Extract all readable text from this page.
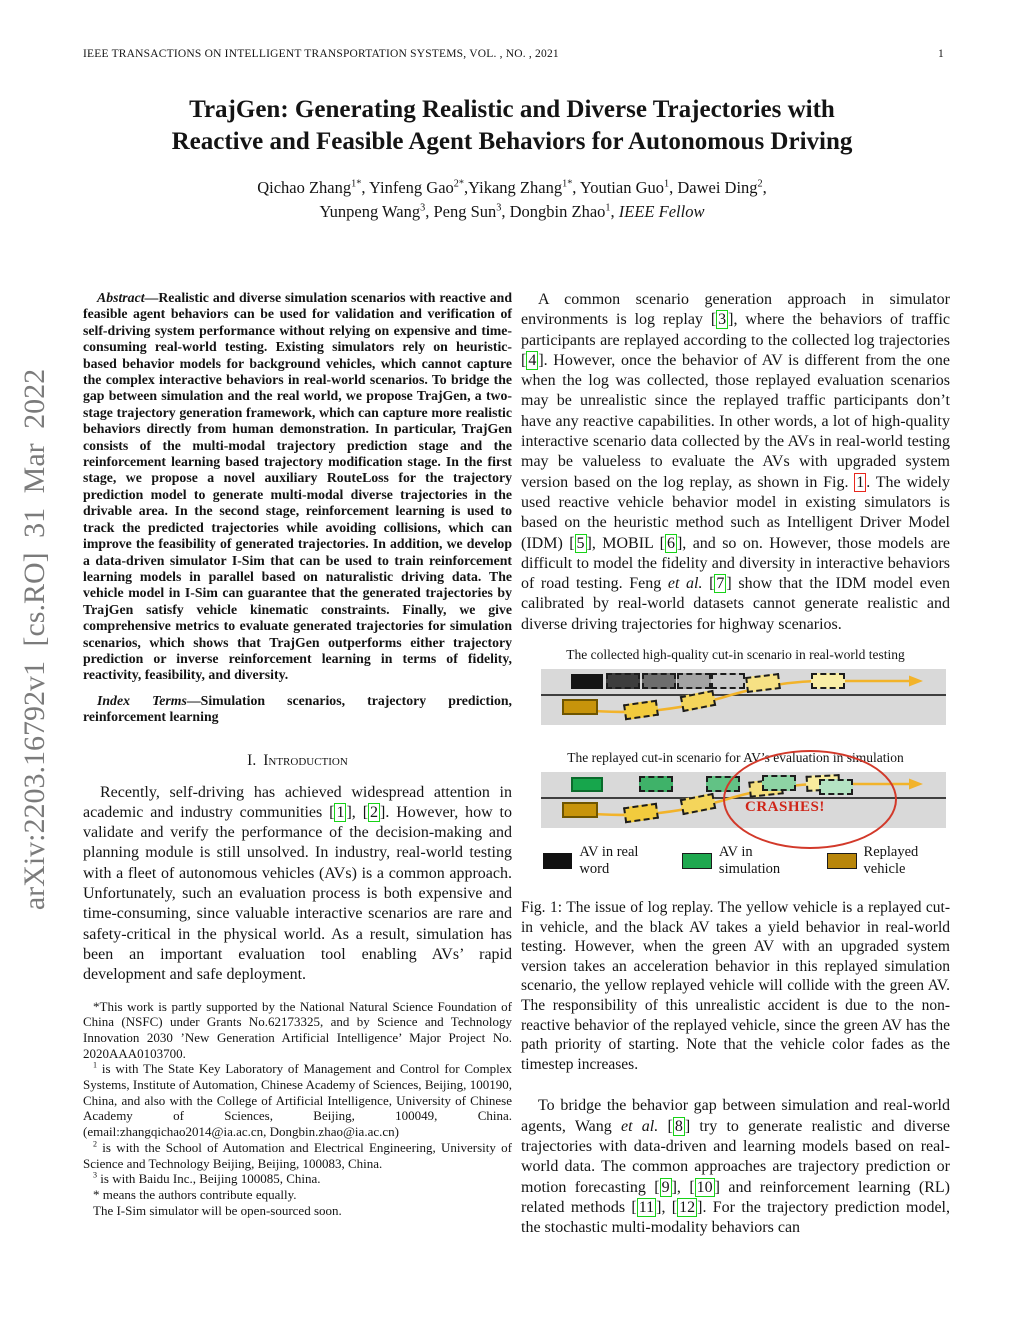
arXiv:2203.16792v1 [cs.RO] 31 Mar 2022
IEEE TRANSACTIONS ON INTELLIGENT TRANSPORTATION SYSTEMS, VOL. , NO. , 2021	1
TrajGen: Generating Realistic and Diverse Trajectories with
Reactive and Feasible Agent Behaviors for Autonomous Driving
Qichao Zhang$^{1*}$, Yinfeng Gao$^{2*}$,Yikang Zhang$^{1*}$, Youtian Guo$^1$, Dawei Ding$^2$,
Yunpeng Wang$^3$, Peng Sun$^3$, Dongbin Zhao$^1$, IEEE Fellow

Abstract—Realistic and diverse simulation scenarios with reactive and feasible agent behaviors can be used for validation and verification of self-driving system performance without relying on expensive and time-consuming real-world testing. Existing simulators rely on heuristic-based behavior models for background vehicles, which cannot capture the complex interactive behaviors in real-world scenarios. To bridge the gap between simulation and the real world, we propose TrajGen, a two-stage trajectory generation framework, which can capture more realistic behaviors directly from human demonstration. In particular, TrajGen consists of the multi-modal trajectory prediction stage and the reinforcement learning based trajectory modification stage. In the first stage, we propose a novel auxiliary RouteLoss for the trajectory prediction model to generate multi-modal diverse trajectories in the drivable area. In the second stage, reinforcement learning is used to track the predicted trajectories while avoiding collisions, which can improve the feasibility of generated trajectories. In addition, we develop a data-driven simulator I-Sim that can be used to train reinforcement learning models in parallel based on naturalistic driving data. The vehicle model in I-Sim can guarantee that the generated trajectories by TrajGen satisfy vehicle kinematic constraints. Finally, we give comprehensive metrics to evaluate generated trajectories for simulation scenarios, which shows that TrajGen outperforms either trajectory prediction or inverse reinforcement learning in terms of fidelity, reactivity, feasibility, and diversity.

Index Terms—Simulation scenarios, trajectory prediction, reinforcement learning

I. Introduction

Recently, self-driving has achieved widespread attention in academic and industry communities [ 1 ], [ 2 ]. However, how to validate and verify the performance of the decision-making and planning module is still unsolved. In industry, real-world testing with a fleet of autonomous vehicles (AVs) is a common approach. Unfortunately, such an evaluation process is both expensive and time-consuming, since valuable interactive scenarios are rare and safety-critical in the physical world. As a result, simulation has been an important evaluation tool enabling AVs’ rapid development and safe deployment.

*This work is partly supported by the National Natural Science Foundation of China (NSFC) under Grants No.62173325, and by Science and Technology Innovation 2030 ’New Generation Artificial Intelligence’ Major Project No. 2020AAA0103700.

$^1$ is with The State Key Laboratory of Management and Control for Complex Systems, Institute of Automation, Chinese Academy of Sciences, Beijing, 100190, China, and also with the College of Artificial Intelligence, University of Chinese Academy of Sciences, Beijing, 100049, China. (email:zhangqichao2014@ia.ac.cn, Dongbin.zhao@ia.ac.cn)

$^2$ is with the School of Automation and Electrical Engineering, University of Science and Technology Beijing, Beijing, 100083, China.

$^3$ is with Baidu Inc., Beijing 100085, China.

* means the authors contribute equally.

The I-Sim simulator will be open-sourced soon.

A common scenario generation approach in simulator environments is log replay [ 3 ], where the behaviors of traffic participants are replayed according to the collected log trajectories [ 4 ]. However, once the behavior of AV is different from the one when the log was collected, those replayed evaluation scenarios may be unrealistic since the replayed traffic participants don’t have any reactive capabilities. In other words, a lot of high-quality interactive scenario data collected by the AVs in real-world testing may be valueless to evaluate the AVs with upgraded system version based on the log replay, as shown in Fig. 1 . The widely used reactive vehicle behavior model in existing simulators is based on the heuristic method such as Intelligent Driver Model (IDM) [ 5 ], MOBIL [ 6 ], and so on. However, those models are difficult to model the fidelity and diversity in interactive behaviors of road testing. Feng et al. [ 7 ] show that the IDM model even calibrated by real-world datasets cannot generate realistic and diverse driving trajectories for highway scenarios.

The collected high-quality cut-in scenario in real-world testing
The replayed cut-in scenario for AV’s evaluation in simulation
CRASHES!
AV in real word
AV in simulation
Replayed vehicle

Fig. 1: The issue of log replay. The yellow vehicle is a replayed cut-in vehicle, and the black AV takes a yield behavior in real-world testing. However, when the green AV with an upgraded system version takes an acceleration behavior in this replayed simulation scenario, the yellow replayed vehicle will collide with the green AV. The responsibility of this unrealistic accident is due to the non-reactive behavior of the replayed vehicle, since the green AV has the path priority of starting. Note that the vehicle color fades as the timestep increases.

To bridge the behavior gap between simulation and real-world agents, Wang et al. [ 8 ] try to generate realistic and diverse trajectories with data-driven and learning models based on real-world data. The common approaches are trajectory prediction or motion forecasting [ 9 ], [ 10 ] and reinforcement learning (RL) related methods [ 11 ], [ 12 ]. For the trajectory prediction model, the stochastic multi-modality behaviors can
